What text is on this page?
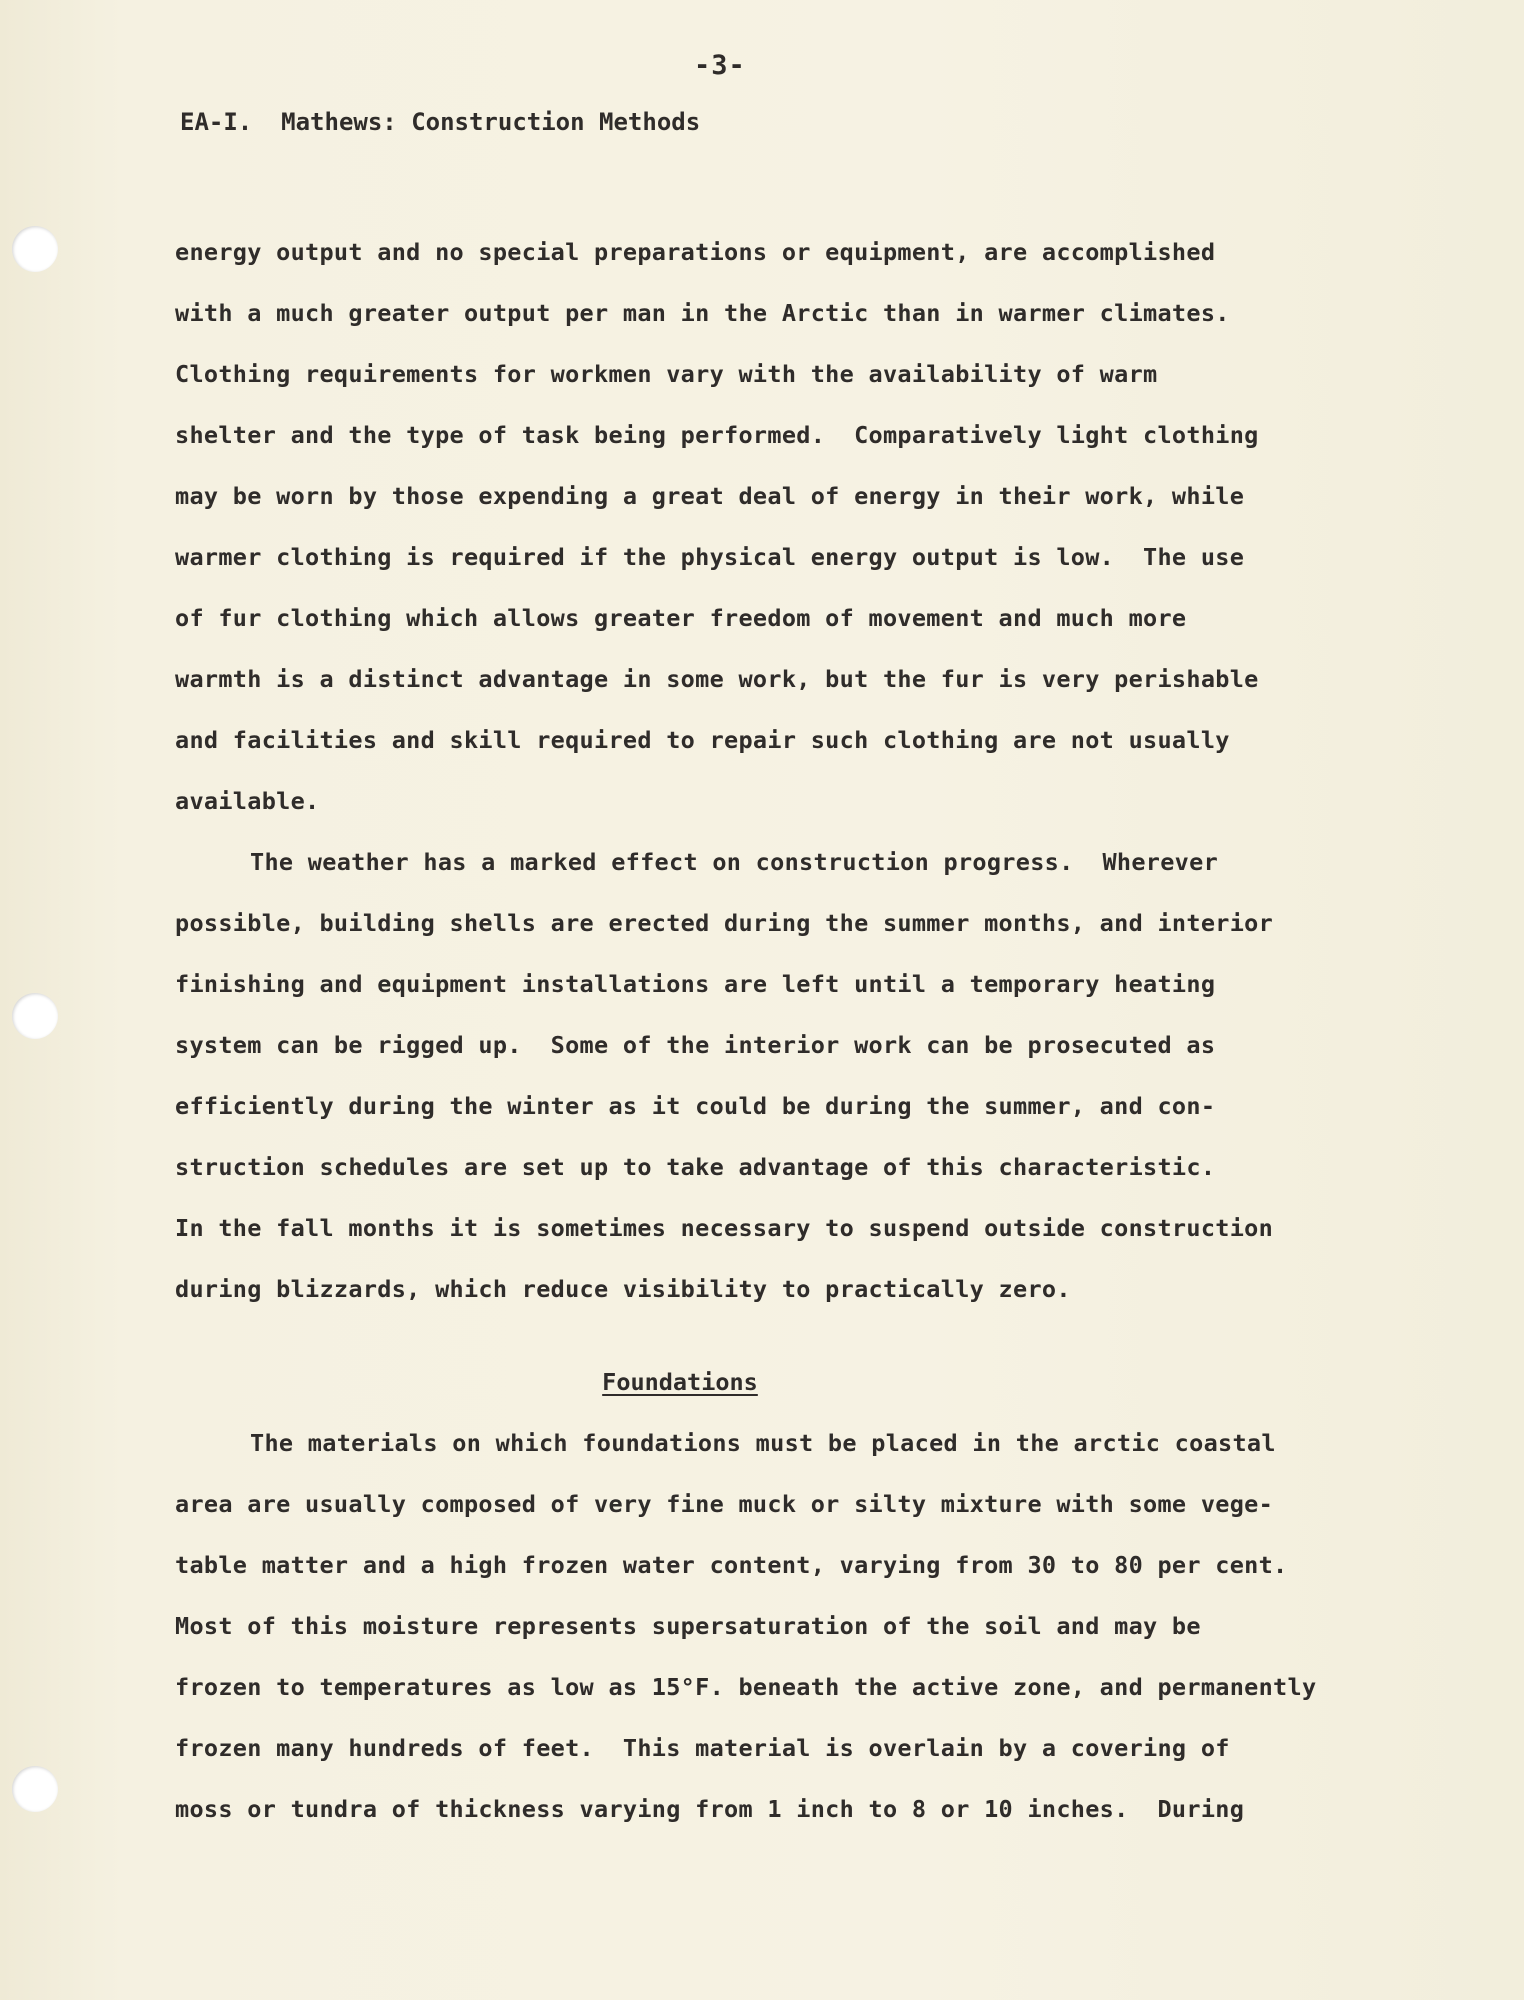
-3-
EA-I.  Mathews: Construction Methods
energy output and no special preparations or equipment, are accomplished
with a much greater output per man in the Arctic than in warmer climates.
Clothing requirements for workmen vary with the availability of warm
shelter and the type of task being performed.  Comparatively light clothing
may be worn by those expending a great deal of energy in their work, while
warmer clothing is required if the physical energy output is low.  The use
of fur clothing which allows greater freedom of movement and much more
warmth is a distinct advantage in some work, but the fur is very perishable
and facilities and skill required to repair such clothing are not usually
available.
The weather has a marked effect on construction progress.  Wherever
possible, building shells are erected during the summer months, and interior
finishing and equipment installations are left until a temporary heating
system can be rigged up.  Some of the interior work can be prosecuted as
efficiently during the winter as it could be during the summer, and con-
struction schedules are set up to take advantage of this characteristic.
In the fall months it is sometimes necessary to suspend outside construction
during blizzards, which reduce visibility to practically zero.
Foundations
The materials on which foundations must be placed in the arctic coastal
area are usually composed of very fine muck or silty mixture with some vege-
table matter and a high frozen water content, varying from 30 to 80 per cent.
Most of this moisture represents supersaturation of the soil and may be
frozen to temperatures as low as 15°F. beneath the active zone, and permanently
frozen many hundreds of feet.  This material is overlain by a covering of
moss or tundra of thickness varying from 1 inch to 8 or 10 inches.  During
